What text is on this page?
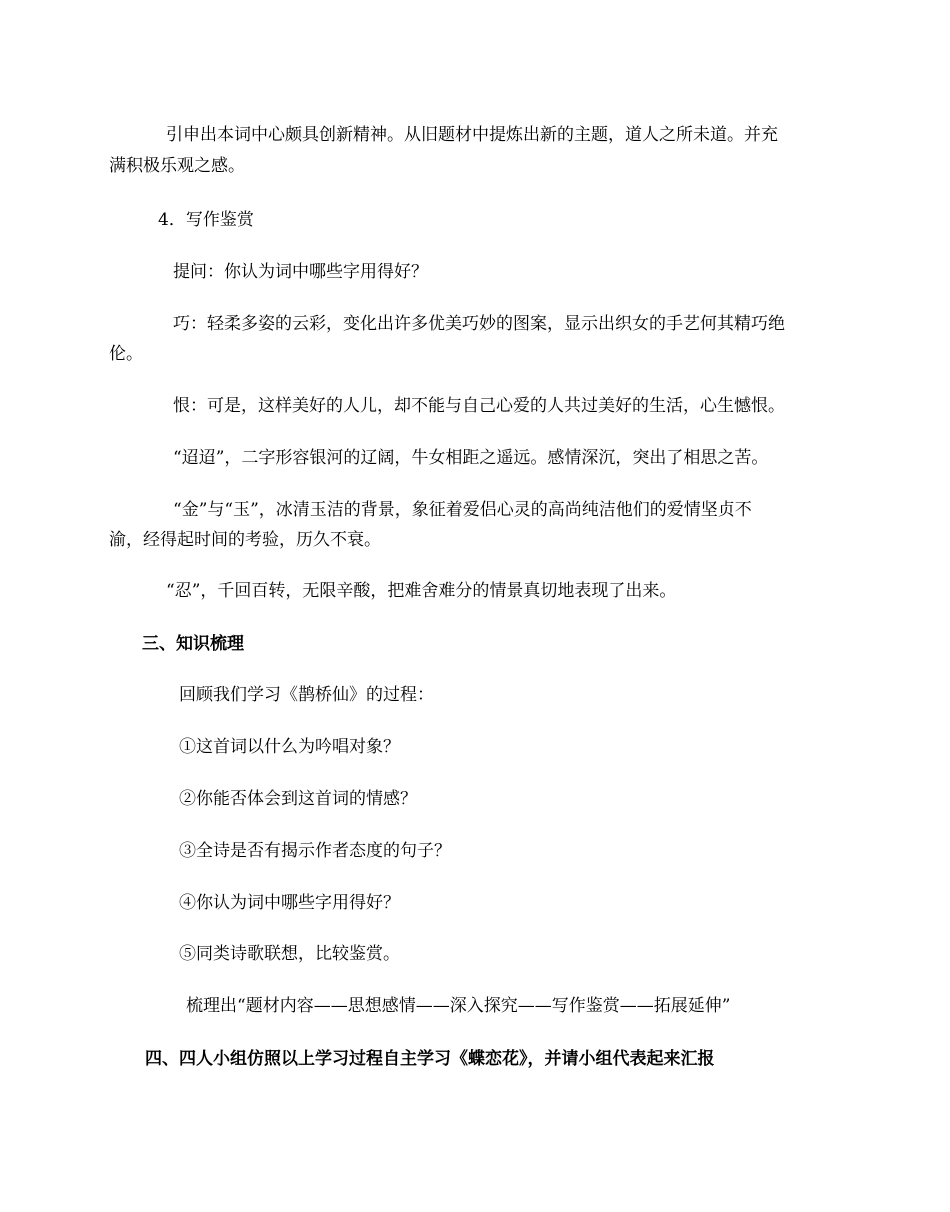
引申出本词中心颇具创新精神。从旧题材中提炼出新的主题，道人之所未道。并充
满积极乐观之感。
4．写作鉴赏
提问：你认为词中哪些字用得好？
巧：轻柔多姿的云彩，变化出许多优美巧妙的图案，显示出织女的手艺何其精巧绝
伦。
恨：可是，这样美好的人儿，却不能与自己心爱的人共过美好的生活，心生憾恨。
“迢迢”，二字形容银河的辽阔，牛女相距之遥远。感情深沉，突出了相思之苦。
“金”与“玉”，冰清玉洁的背景，象征着爱侣心灵的高尚纯洁他们的爱情坚贞不
渝，经得起时间的考验，历久不衰。
“忍”，千回百转，无限辛酸，把难舍难分的情景真切地表现了出来。
三、知识梳理
回顾我们学习《鹊桥仙》的过程：
①这首词以什么为吟唱对象？
②你能否体会到这首词的情感？
③全诗是否有揭示作者态度的句子？
④你认为词中哪些字用得好？
⑤同类诗歌联想，比较鉴赏。
梳理出“题材内容——思想感情——深入探究——写作鉴赏——拓展延伸”
四、四人小组仿照以上学习过程自主学习《蝶恋花》，并请小组代表起来汇报
